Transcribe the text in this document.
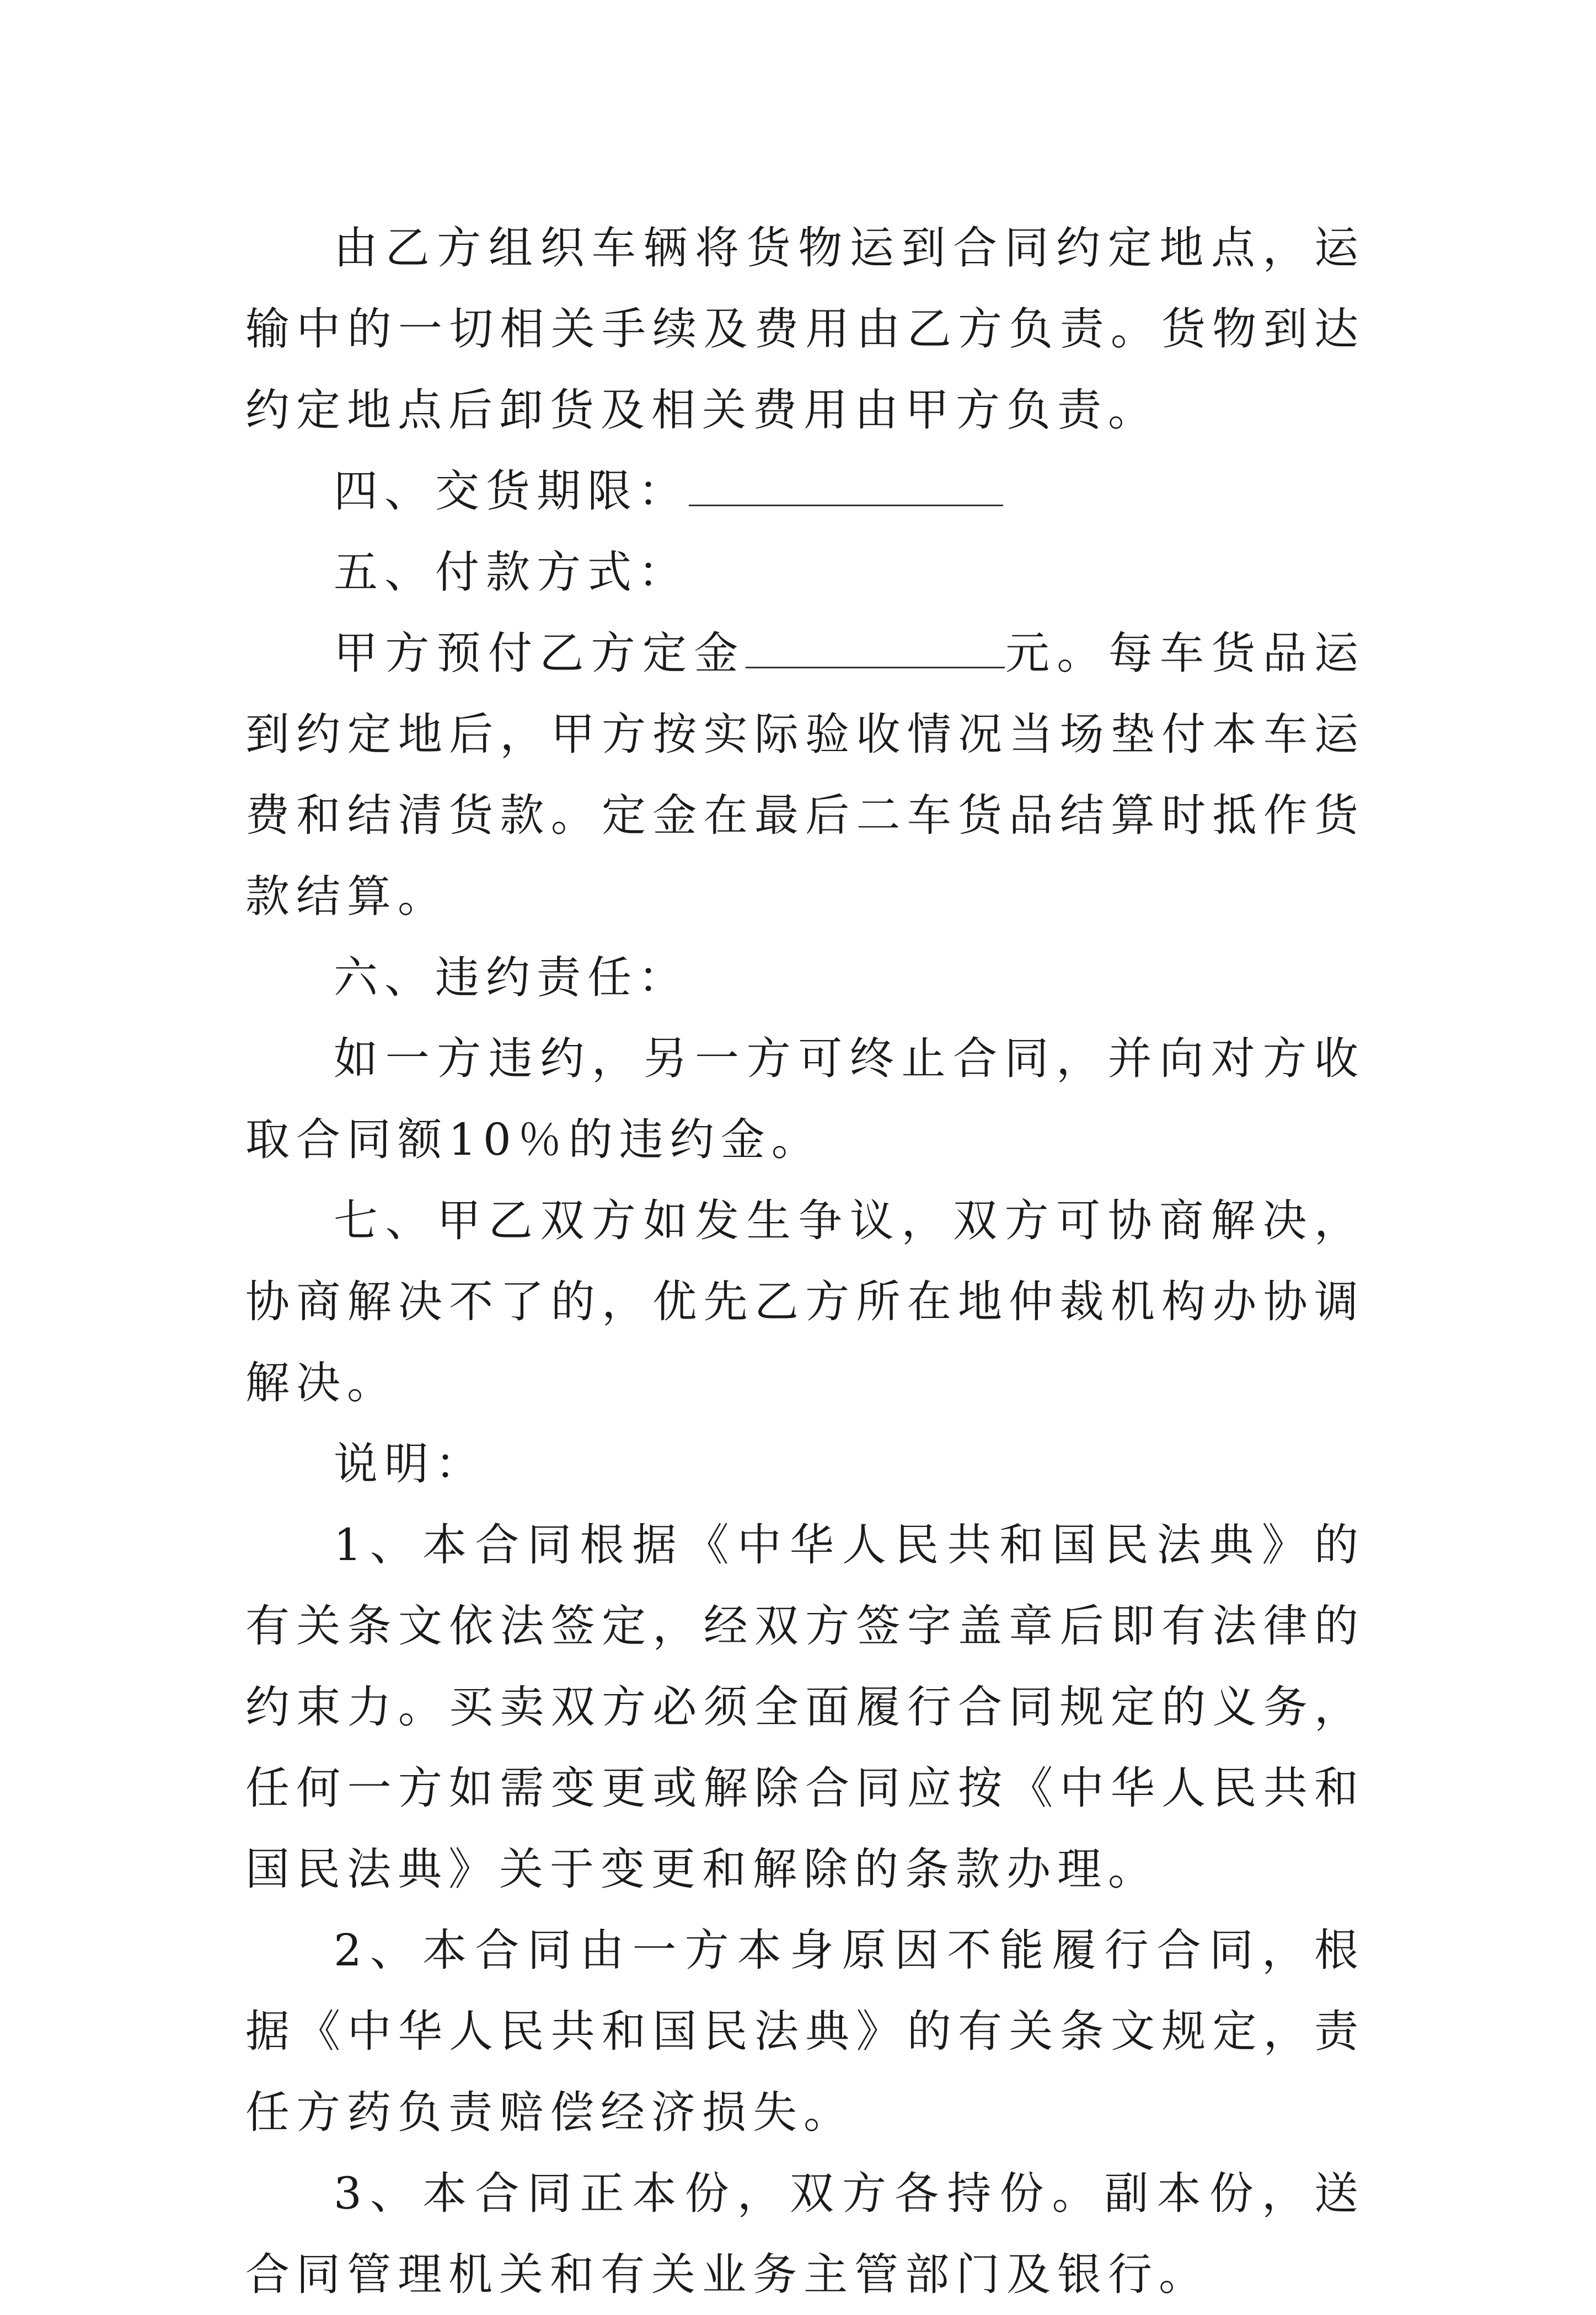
由乙方组织车辆将货物运到合同约定地点，运输中的一切相关手续及费用由乙方负责。货物到达约定地点后卸货及相关费用由甲方负责。

四、交货期限：

五、付款方式：

甲方预付乙方定金	元。每车货品运到约定地后，甲方按实际验收情况当场垫付本车运费和结清货款。定金在最后二车货品结算时抵作货款结算。

六、违约责任：

如一方违约，另一方可终止合同，并向对方收取合同额10％的违约金。

七、甲乙双方如发生争议，双方可协商解决，协商解决不了的，优先乙方所在地仲裁机构办协调解决。

说明：

1、本合同根据《中华人民共和国民法典》的有关条文依法签定，经双方签字盖章后即有法律的约束力。买卖双方必须全面履行合同规定的义务，任何一方如需变更或解除合同应按《中华人民共和国民法典》关于变更和解除的条款办理。

2、本合同由一方本身原因不能履行合同，根据《中华人民共和国民法典》的有关条文规定，责任方药负责赔偿经济损失。

3、本合同正本份，双方各持份。副本份，送合同管理机关和有关业务主管部门及银行。
